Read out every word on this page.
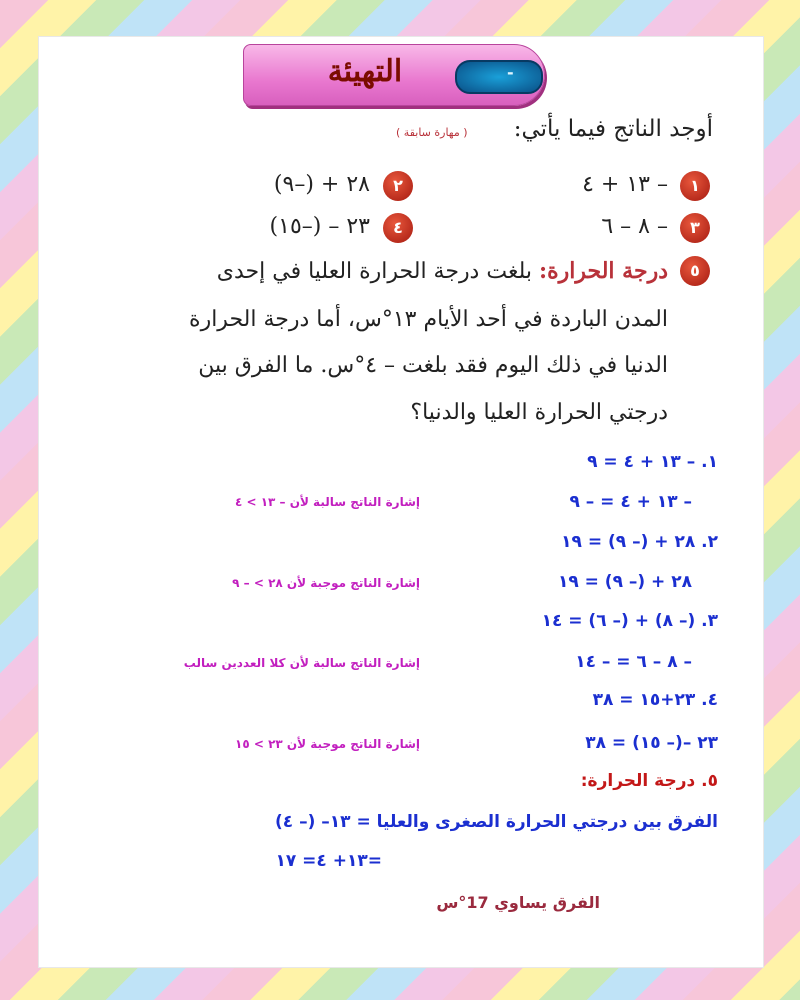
-
التهيئة
أوجد الناتج فيما يأتي:
( مهارة سابقة )
١
– ١٣ + ٤
٢
٢٨ + (–٩)
٣
– ٨ – ٦
٤
٢٣ – (–١٥)
٥
درجة الحرارة: بلغت درجة الحرارة العليا في إحدى
المدن الباردة في أحد الأيام ١٣°س، أما درجة الحرارة
الدنيا في ذلك اليوم فقد بلغت – ٤°س. ما الفرق بين
درجتي الحرارة العليا والدنيا؟
١. – ١٣ + ٤ = ٩
– ١٣ + ٤ = – ٩
إشارة الناتج سالبة لأن – ١٣ > ٤
٢. ٢٨ + (– ٩) = ١٩
٢٨ + (– ٩) = ١٩
إشارة الناتج موجبة لأن ٢٨ > – ٩
٣. (– ٨) + (– ٦) = ١٤
– ٨ – ٦ = – ١٤
إشارة الناتج سالبة لأن كلا العددين سالب
٤. ٢٣+١٥ = ٣٨
٢٣ –(– ١٥) = ٣٨
إشارة الناتج موجبة لأن ٢٣ > ١٥
٥. درجة الحرارة:
الفرق بين درجتي الحرارة الصغرى والعليا = ١٣– (– ٤)
=١٣+ ٤= ١٧
الفرق يساوي 17°س
